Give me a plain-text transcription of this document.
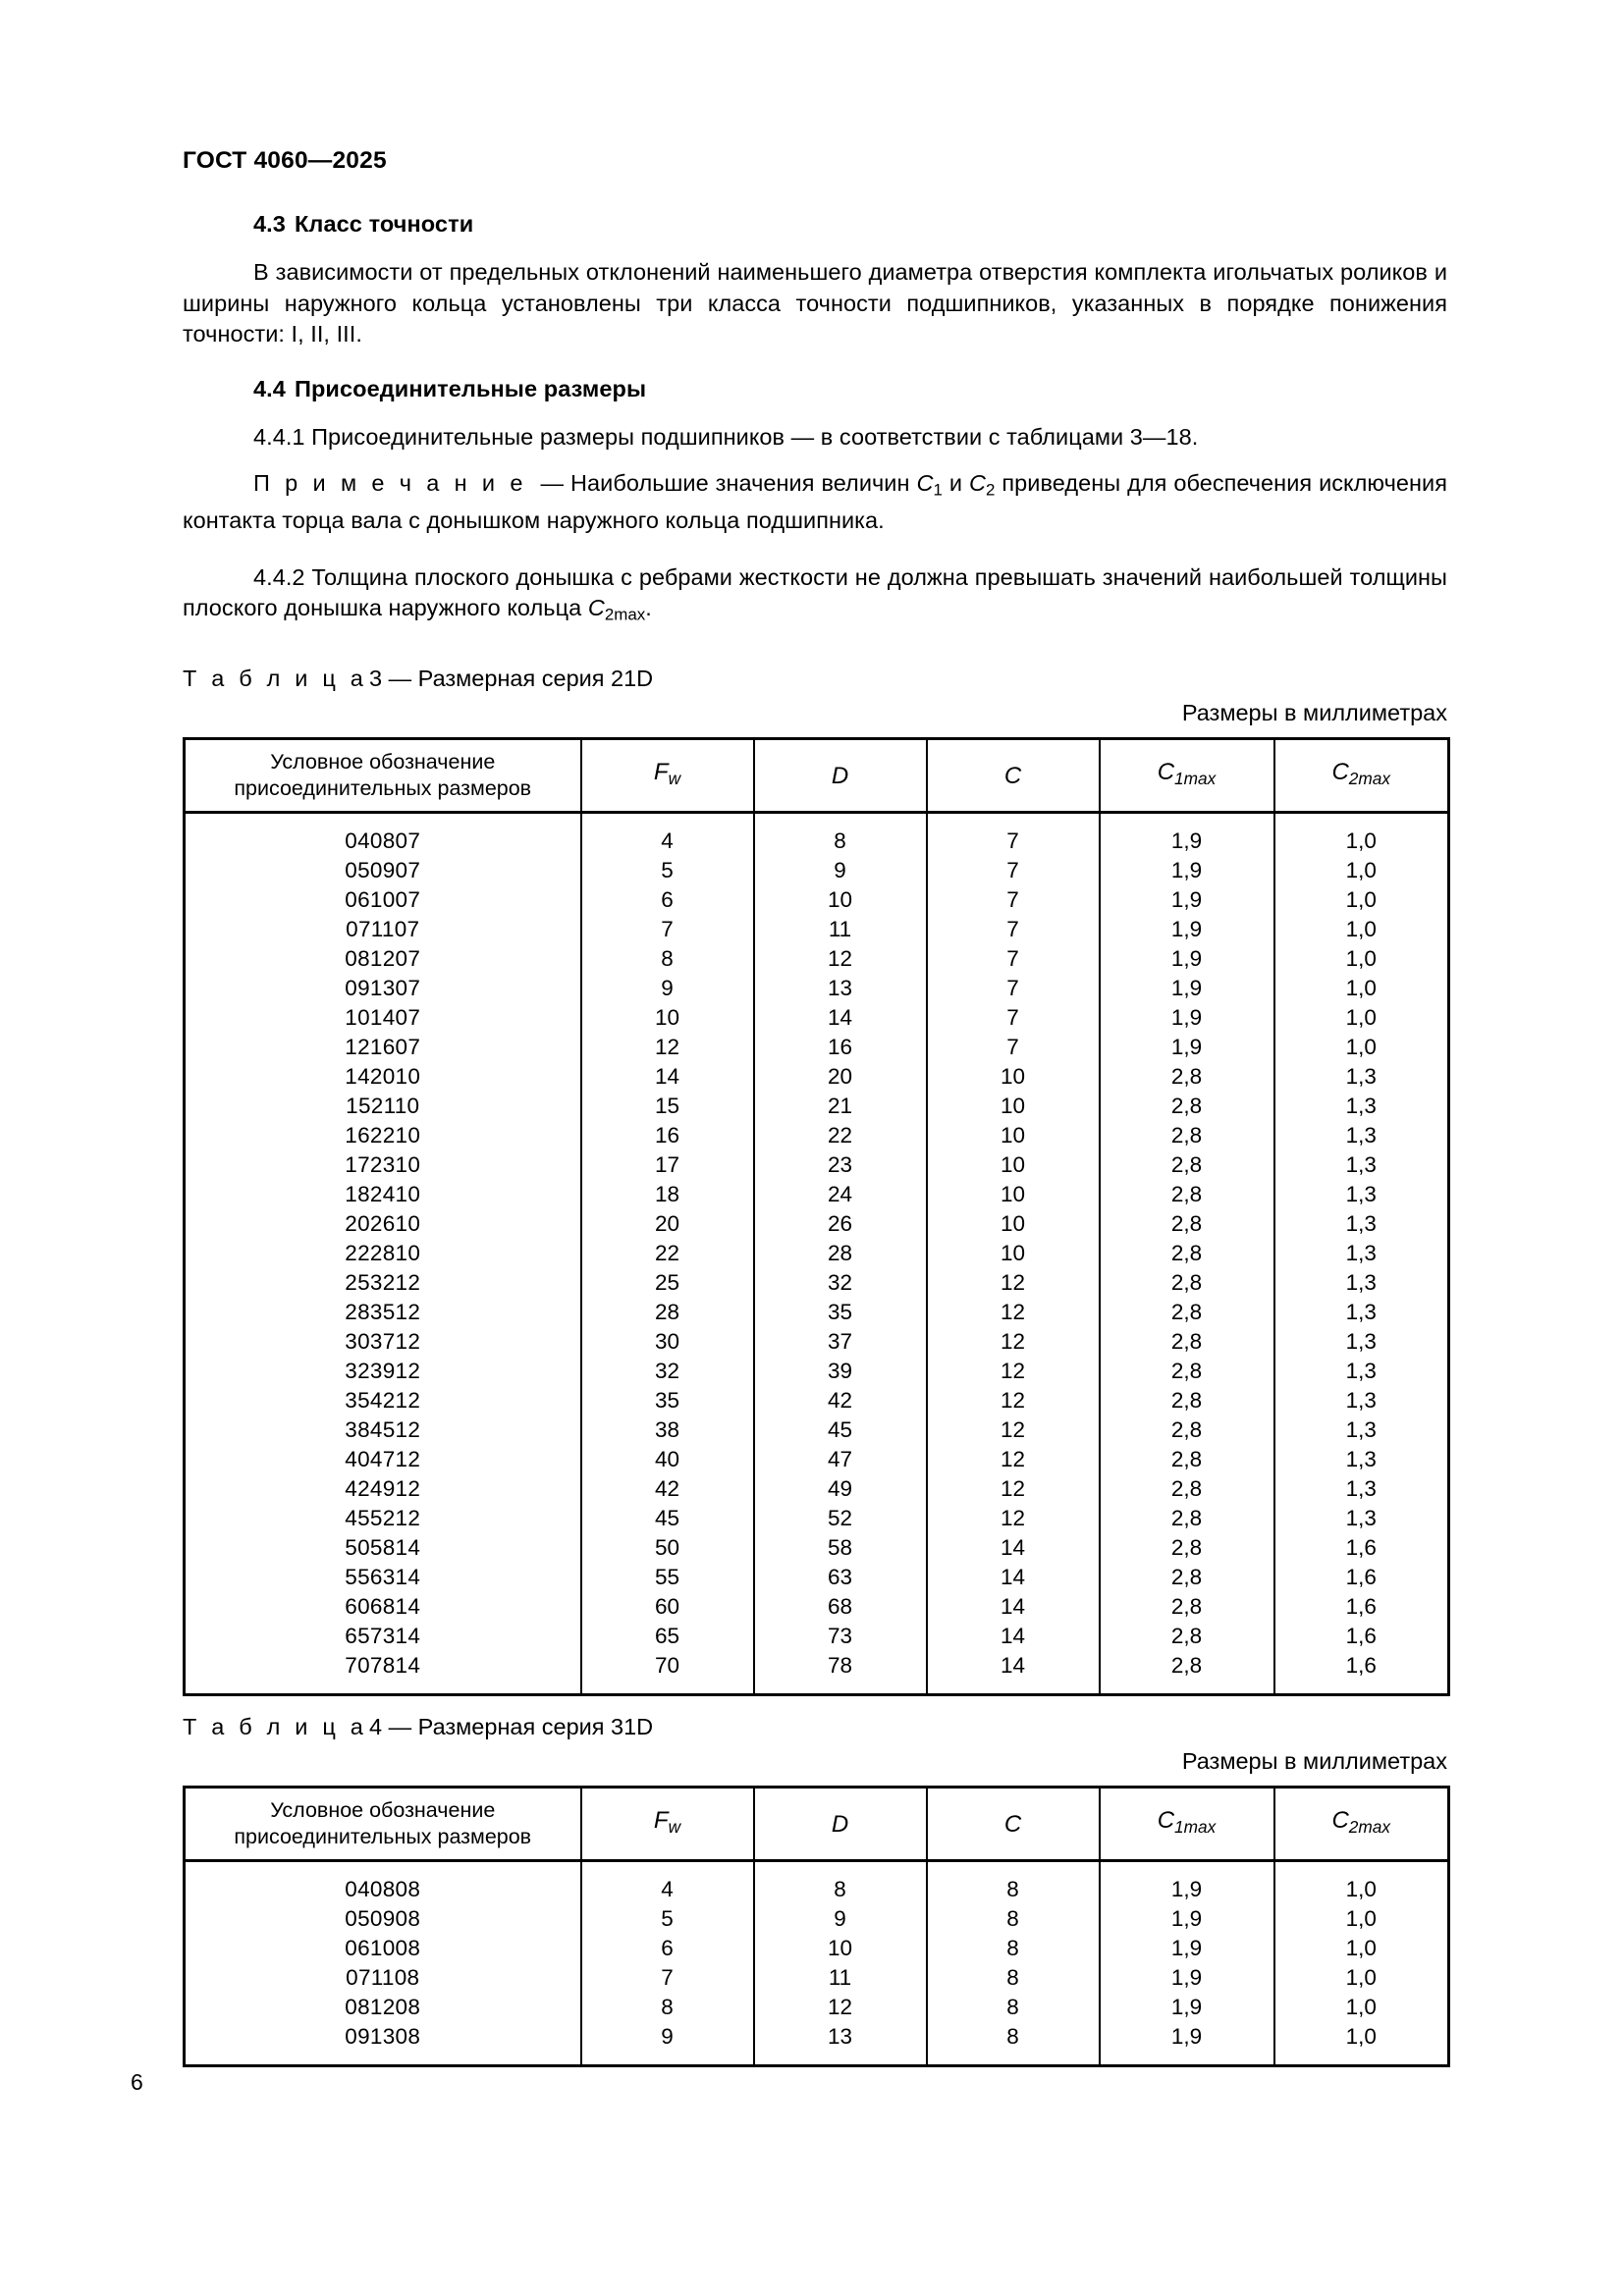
ГОСТ 4060—2025
4.3 Класс точности

В зависимости от предельных отклонений наименьшего диаметра отверстия комплекта игольчатых роликов и ширины наружного кольца установлены три класса точности подшипников, указанных в порядке понижения точности: I, II, III.

4.4 Присоединительные размеры

4.4.1 Присоединительные размеры подшипников — в соответствии с таблицами 3—18.

П р и м е ч а н и е — Наибольшие значения величин $C_1$ и $C_2$ приведены для обеспечения исключения контакта торца вала с донышком наружного кольца подшипника.

4.4.2 Толщина плоского донышка с ребрами жесткости не должна превышать значений наибольшей толщины плоского донышка наружного кольца $C_{2max}$.

Т а б л и ц а3 — Размерная серия 21D
Размеры в миллиметрах
Условное обозначение
присоединительных размеров	$F_w$	D	C	$C_{1max}$	$C_{2max}$
040807	4	8	7	1,9	1,0
050907	5	9	7	1,9	1,0
061007	6	10	7	1,9	1,0
071107	7	11	7	1,9	1,0
081207	8	12	7	1,9	1,0
091307	9	13	7	1,9	1,0
101407	10	14	7	1,9	1,0
121607	12	16	7	1,9	1,0
142010	14	20	10	2,8	1,3
152110	15	21	10	2,8	1,3
162210	16	22	10	2,8	1,3
172310	17	23	10	2,8	1,3
182410	18	24	10	2,8	1,3
202610	20	26	10	2,8	1,3
222810	22	28	10	2,8	1,3
253212	25	32	12	2,8	1,3
283512	28	35	12	2,8	1,3
303712	30	37	12	2,8	1,3
323912	32	39	12	2,8	1,3
354212	35	42	12	2,8	1,3
384512	38	45	12	2,8	1,3
404712	40	47	12	2,8	1,3
424912	42	49	12	2,8	1,3
455212	45	52	12	2,8	1,3
505814	50	58	14	2,8	1,6
556314	55	63	14	2,8	1,6
606814	60	68	14	2,8	1,6
657314	65	73	14	2,8	1,6
707814	70	78	14	2,8	1,6
Т а б л и ц а4 — Размерная серия 31D
Размеры в миллиметрах
Условное обозначение
присоединительных размеров	$F_w$	D	C	$C_{1max}$	$C_{2max}$
040808	4	8	8	1,9	1,0
050908	5	9	8	1,9	1,0
061008	6	10	8	1,9	1,0
071108	7	11	8	1,9	1,0
081208	8	12	8	1,9	1,0
091308	9	13	8	1,9	1,0
6
